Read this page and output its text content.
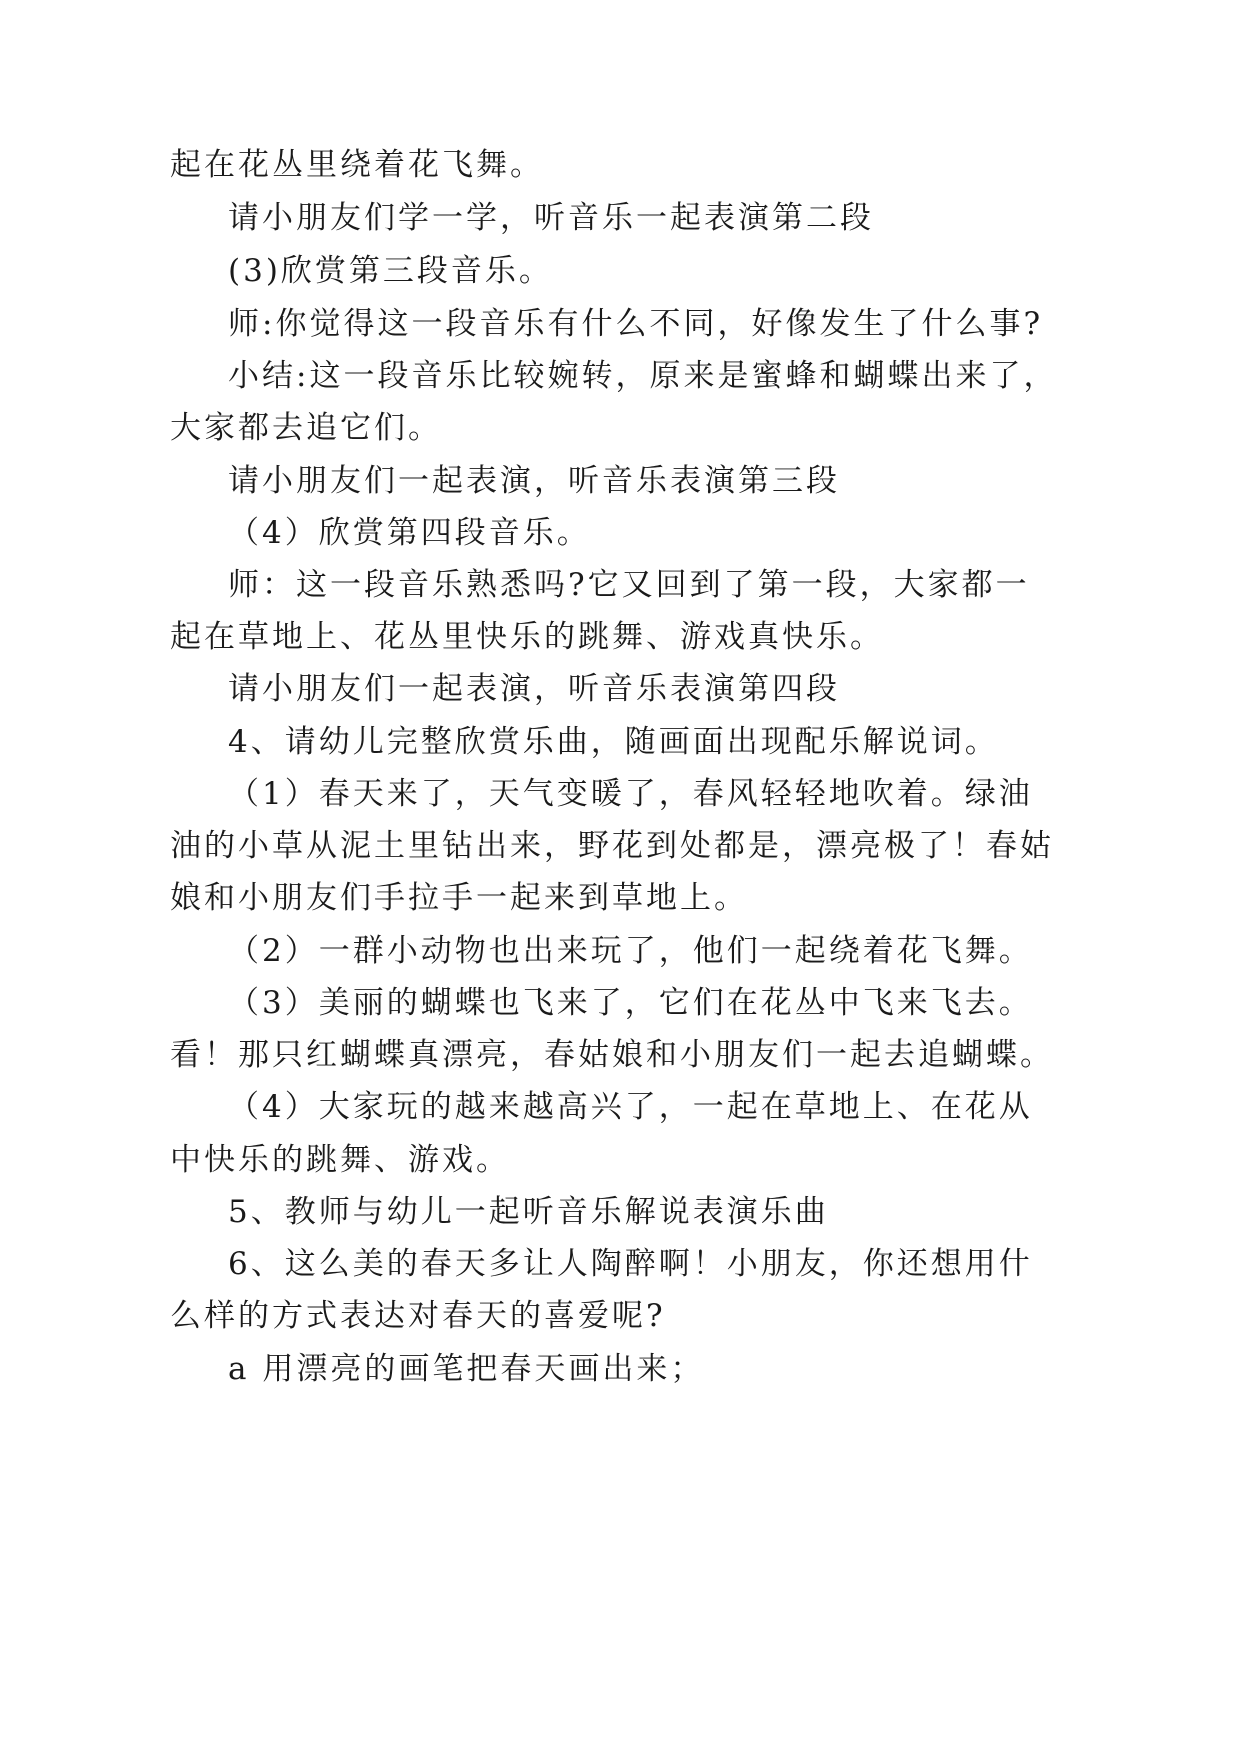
起在花丛里绕着花飞舞。
请小朋友们学一学，听音乐一起表演第二段
(3)欣赏第三段音乐。
师:你觉得这一段音乐有什么不同，好像发生了什么事?
小结:这一段音乐比较婉转，原来是蜜蜂和蝴蝶出来了，
大家都去追它们。
请小朋友们一起表演，听音乐表演第三段
（4）欣赏第四段音乐。
师：这一段音乐熟悉吗?它又回到了第一段，大家都一
起在草地上、花丛里快乐的跳舞、游戏真快乐。
请小朋友们一起表演，听音乐表演第四段
4、请幼儿完整欣赏乐曲，随画面出现配乐解说词。
（1）春天来了，天气变暖了，春风轻轻地吹着。绿油
油的小草从泥土里钻出来，野花到处都是，漂亮极了！春姑
娘和小朋友们手拉手一起来到草地上。
（2）一群小动物也出来玩了，他们一起绕着花飞舞。
（3）美丽的蝴蝶也飞来了，它们在花丛中飞来飞去。
看！那只红蝴蝶真漂亮，春姑娘和小朋友们一起去追蝴蝶。
（4）大家玩的越来越高兴了，一起在草地上、在花从
中快乐的跳舞、游戏。
5、教师与幼儿一起听音乐解说表演乐曲
6、这么美的春天多让人陶醉啊！小朋友，你还想用什
么样的方式表达对春天的喜爱呢?
a 用漂亮的画笔把春天画出来；
